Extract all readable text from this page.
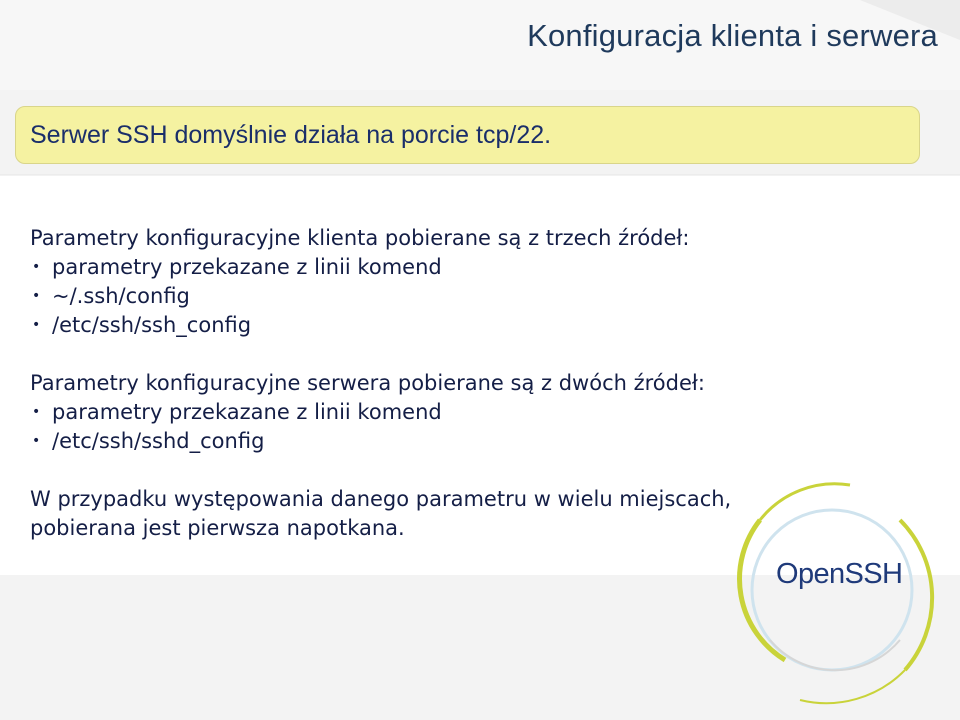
Konfiguracja klienta i serwera
Serwer SSH domyślnie działa na porcie tcp/22.

Parametry konfiguracyjne klienta pobierane są z trzech źródeł:

• parametry przekazane z linii komend
• ~/.ssh/config
• /etc/ssh/ssh_config

Parametry konfiguracyjne serwera pobierane są z dwóch źródeł:

• parametry przekazane z linii komend
• /etc/ssh/sshd_config

W przypadku występowania danego parametru w wielu miejscach,

pobierana jest pierwsza napotkana.

OpenSSH
